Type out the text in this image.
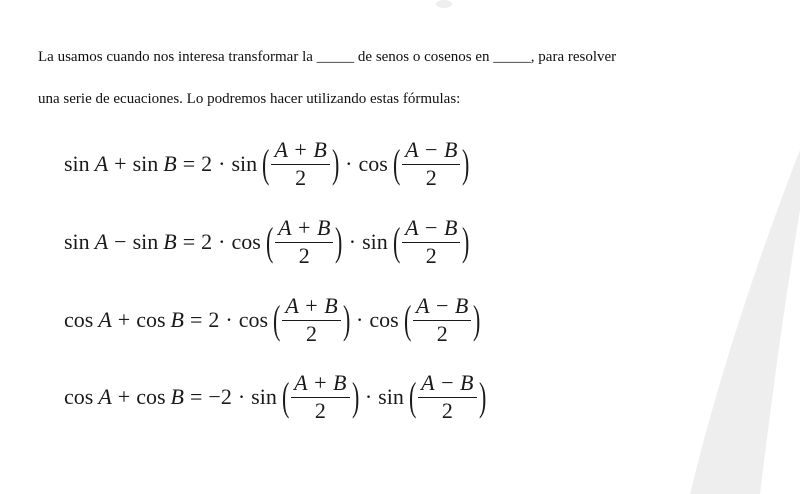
La usamos cuando nos interesa transformar la _____ de senos o cosenos en _____, para resolver

una serie de ecuaciones. Lo podremos hacer utilizando estas fórmulas:

sin A + sin B = 2 · sin ( $\frac{A + B}{2}$ ) · cos ( $\frac{A - B}{2}$ )
sin A − sin B = 2 · cos ( $\frac{A + B}{2}$ ) · sin ( $\frac{A - B}{2}$ )
cos A + cos B = 2 · cos ( $\frac{A + B}{2}$ ) · cos ( $\frac{A - B}{2}$ )
cos A + cos B = −2 · sin ( $\frac{A + B}{2}$ ) · sin ( $\frac{A - B}{2}$ )
